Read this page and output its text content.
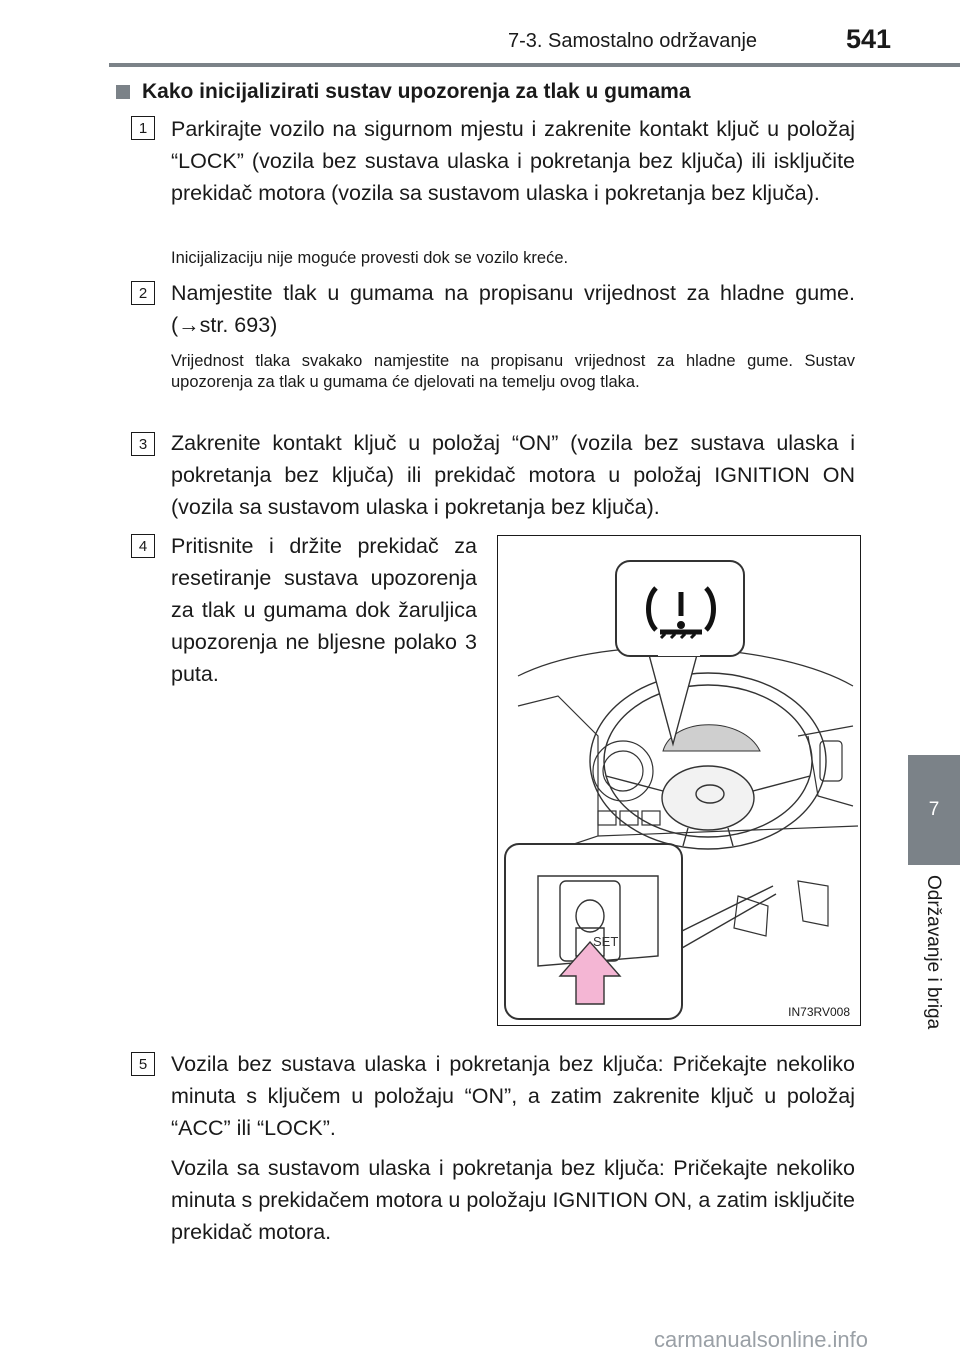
7-3. Samostalno održavanje	541
7
Održavanje i briga
Kako inicijalizirati sustav upozorenja za tlak u gumama
1	Parkirajte vozilo na sigurnom mjestu i zakrenite kontakt ključ u položaj “LOCK” (vozila bez sustava ulaska i pokretanja bez ključa) ili isključite prekidač motora (vozila sa sustavom ulaska i pokretanja bez ključa).
Inicijalizaciju nije moguće provesti dok se vozilo kreće.
2	Namjestite tlak u gumama na propisanu vrijednost za hladne gume. (→str. 693)
Vrijednost tlaka svakako namjestite na propisanu vrijednost za hladne gume. Sustav upozorenja za tlak u gumama će djelovati na temelju ovog tlaka.
3	Zakrenite kontakt ključ u položaj “ON” (vozila bez sustava ulaska i pokretanja bez ključa) ili prekidač motora u položaj IGNITION ON (vozila sa sustavom ulaska i pokretanja bez ključa).
4	Pritisnite i držite prekidač za resetiranje sustava upozorenja za tlak u gumama dok žaruljica upozorenja ne bljesne polako 3 puta.
SET
IN73RV008
5	Vozila bez sustava ulaska i pokretanja bez ključa: Pričekajte nekoliko minuta s ključem u položaju “ON”, a zatim zakrenite ključ u položaj “ACC” ili “LOCK”.
Vozila sa sustavom ulaska i pokretanja bez ključa: Pričekajte nekoliko minuta s prekidačem motora u položaju IGNITION ON, a zatim isključite prekidač motora.
carmanualsonline.info
